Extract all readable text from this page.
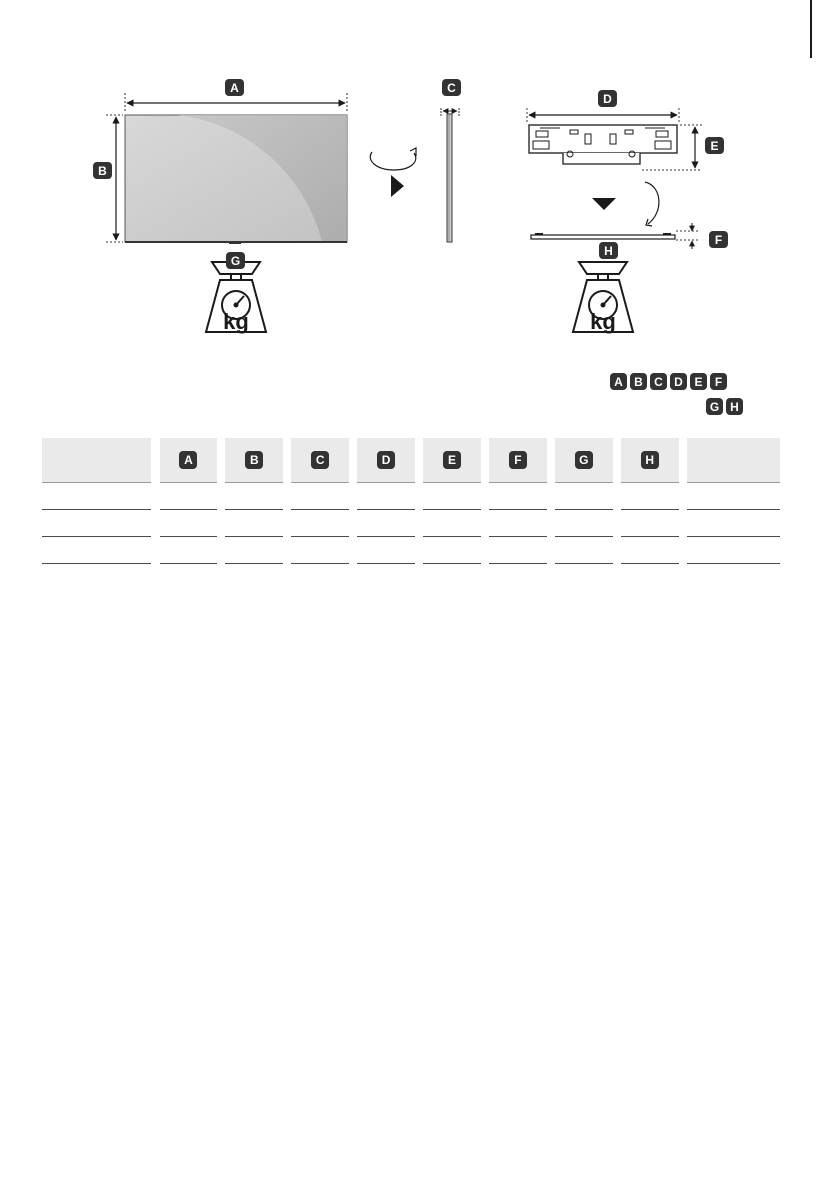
A
B
kg
G
C
D
E
F
kg
H
A B C D E	F
G H
		A		B		C		D		E		F		G		H		
